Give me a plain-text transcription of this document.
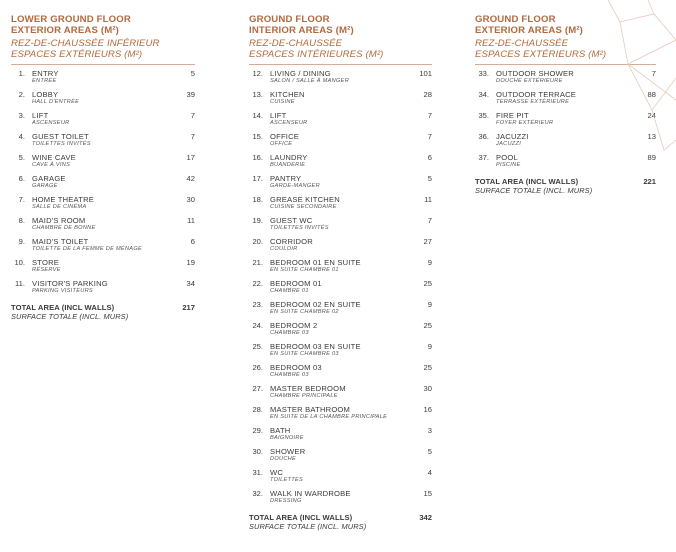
LOWER GROUND FLOOR
EXTERIOR AREAS (M²)
REZ-DE-CHAUSSÉE INFÉRIEUR
ESPACES EXTÉRIEURS (M²)
1. ENTRY
ENTRÉE
5
2. LOBBY
HALL D'ENTRÉE
39
3. LIFT
ASCENSEUR
7
4. GUEST TOILET
TOILETTES INVITÉS
7
5. WINE CAVE
CAVE À VINS
17
6. GARAGE
GARAGE
42
7. HOME THEATRE
SALLE DE CINÉMA
30
8. MAID'S ROOM
CHAMBRE DE BONNE
11
9. MAID'S TOILET
TOILETTE DE LA FEMME DE MÉNAGE
6
10. STORE
RÉSERVE
19
11. VISITOR'S PARKING
PARKING VISITEURS
34
TOTAL AREA (INCL WALLS)	217
SURFACE TOTALE (INCL. MURS)
GROUND FLOOR
INTERIOR AREAS (M²)
REZ-DE-CHAUSSÉE
ESPACES INTÉRIEURES (M²)
12. LIVING / DINING
SALON / SALLE À MANGER
101
13. KITCHEN
CUISINE
28
14. LIFT
ASCENSEUR
7
15. OFFICE
OFFICE
7
16. LAUNDRY
BUANDERIE
6
17. PANTRY
GARDE-MANGER
5
18. GREASE KITCHEN
CUISINE SECONDAIRE
11
19. GUEST WC
TOILETTES INVITÉS
7
20. CORRIDOR
COULOIR
27
21. BEDROOM 01 EN SUITE
EN SUITE CHAMBRE 01
9
22. BEDROOM 01
CHAMBRE 01
25
23. BEDROOM 02 EN SUITE
EN SUITE CHAMBRE 02
9
24. BEDROOM 2
CHAMBRE 03
25
25. BEDROOM 03 EN SUITE
EN SUITE CHAMBRE 03
9
26. BEDROOM 03
CHAMBRE 03
25
27. MASTER BEDROOM
CHAMBRE PRINCIPALE
30
28. MASTER BATHROOM
EN SUITE DE LA CHAMBRE PRINCIPALE
16
29. BATH
BAIGNOIRE
3
30. SHOWER
DOUCHE
5
31. WC
TOILETTES
4
32. WALK IN WARDROBE
DRESSING
15
TOTAL AREA (INCL WALLS)	342
SURFACE TOTALE (INCL. MURS)
GROUND FLOOR
EXTERIOR AREAS (M²)
REZ-DE-CHAUSSÉE
ESPACES EXTÉRIEURS (M²)
33. OUTDOOR SHOWER
DOUCHE EXTÉRIEURE
7
34. OUTDOOR TERRACE
TERRASSE EXTÉRIEURE
88
35. FIRE PIT
FOYER EXTÉRIEUR
24
36. JACUZZI
JACUZZI
13
37. POOL
PISCINE
89
TOTAL AREA (INCL WALLS)	221
SURFACE TOTALE (INCL. MURS)
